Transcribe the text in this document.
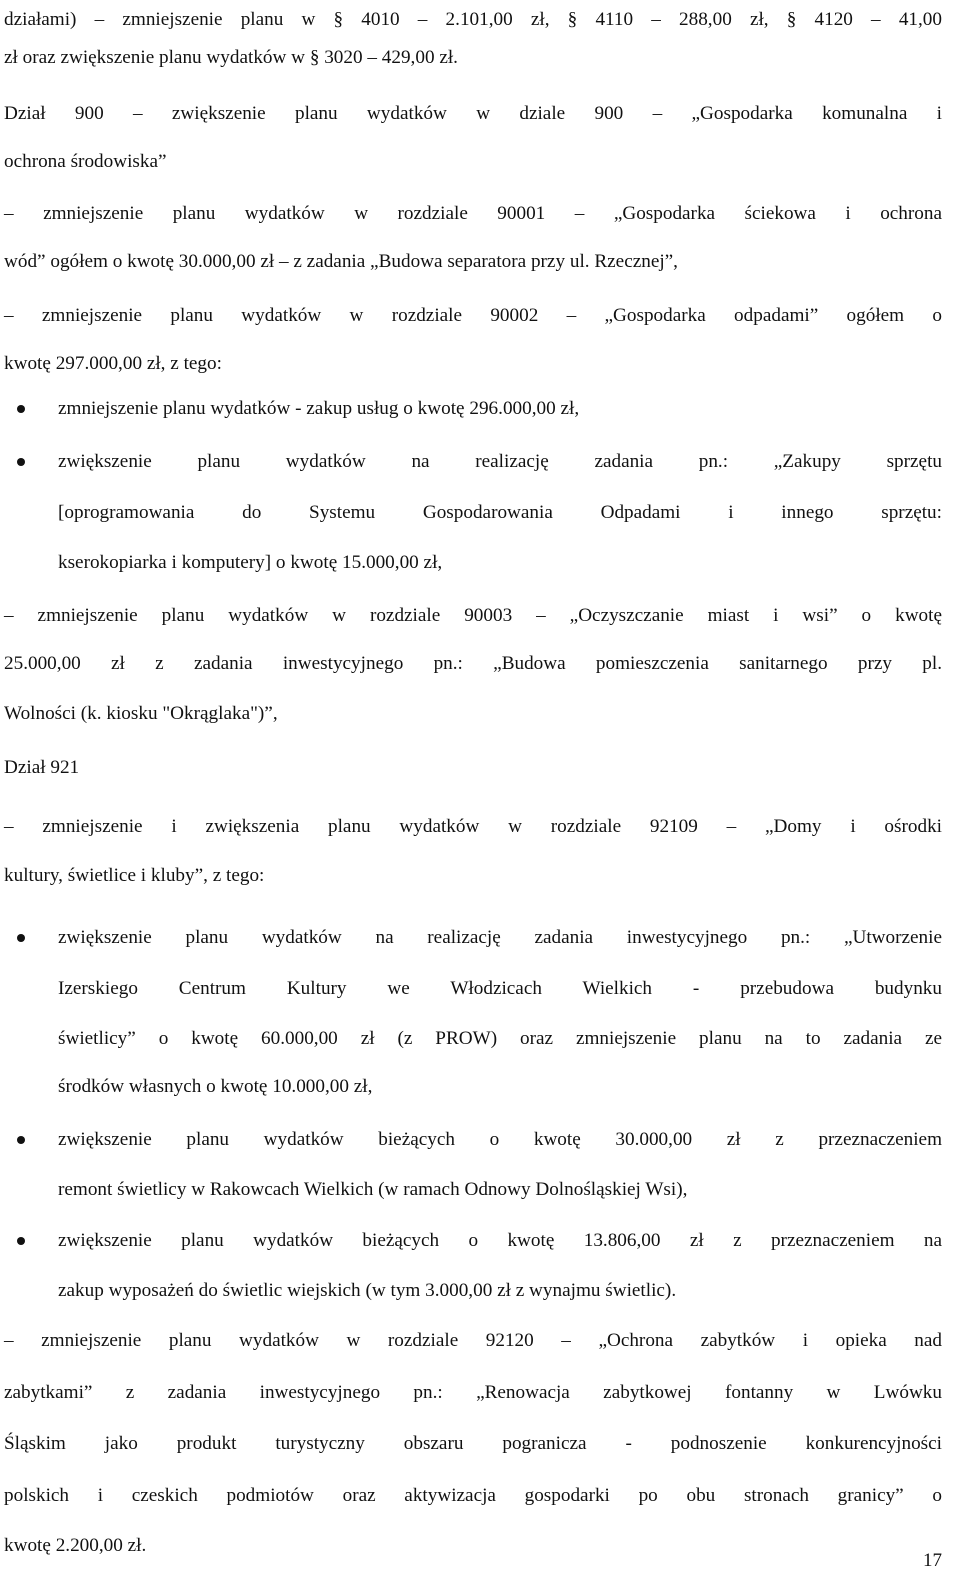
działami) – zmniejszenie planu w § 4010 – 2.101,00 zł, § 4110 – 288,00 zł, § 4120 – 41,00
zł oraz zwiększenie planu wydatków w § 3020 – 429,00 zł.
Dział 900 – zwiększenie planu wydatków w dziale 900 – „Gospodarka komunalna i
ochrona środowiska”
– zmniejszenie planu wydatków w rozdziale 90001 – „Gospodarka ściekowa i ochrona
wód” ogółem o kwotę 30.000,00 zł – z zadania „Budowa separatora przy ul. Rzecznej”,
– zmniejszenie planu wydatków w rozdziale 90002 – „Gospodarka odpadami” ogółem o
kwotę 297.000,00 zł, z tego:
zmniejszenie planu wydatków - zakup usług o kwotę 296.000,00 zł,
zwiększenie planu wydatków na realizację zadania pn.: „Zakupy sprzętu
[oprogramowania do Systemu Gospodarowania Odpadami i innego sprzętu:
kserokopiarka i komputery] o kwotę 15.000,00 zł,
– zmniejszenie planu wydatków w rozdziale 90003 – „Oczyszczanie miast i wsi” o kwotę
25.000,00 zł z zadania inwestycyjnego pn.: „Budowa pomieszczenia sanitarnego przy pl.
Wolności (k. kiosku "Okrąglaka")”,
Dział 921
– zmniejszenie i zwiększenia planu wydatków w rozdziale 92109 – „Domy i ośrodki
kultury, świetlice i kluby”, z tego:
zwiększenie planu wydatków na realizację zadania inwestycyjnego pn.: „Utworzenie
Izerskiego Centrum Kultury we Włodzicach Wielkich - przebudowa budynku
świetlicy” o kwotę 60.000,00 zł (z PROW) oraz zmniejszenie planu na to zadania ze
środków własnych o kwotę 10.000,00 zł,
zwiększenie planu wydatków bieżących o kwotę 30.000,00 zł z przeznaczeniem
remont świetlicy w Rakowcach Wielkich (w ramach Odnowy Dolnośląskiej Wsi),
zwiększenie planu wydatków bieżących o kwotę 13.806,00 zł z przeznaczeniem na
zakup wyposażeń do świetlic wiejskich (w tym 3.000,00 zł z wynajmu świetlic).
– zmniejszenie planu wydatków w rozdziale 92120 – „Ochrona zabytków i opieka nad
zabytkami” z zadania inwestycyjnego pn.: „Renowacja zabytkowej fontanny w Lwówku
Śląskim jako produkt turystyczny obszaru pogranicza - podnoszenie konkurencyjności
polskich i czeskich podmiotów oraz aktywizacja gospodarki po obu stronach granicy” o
kwotę 2.200,00 zł.
17
